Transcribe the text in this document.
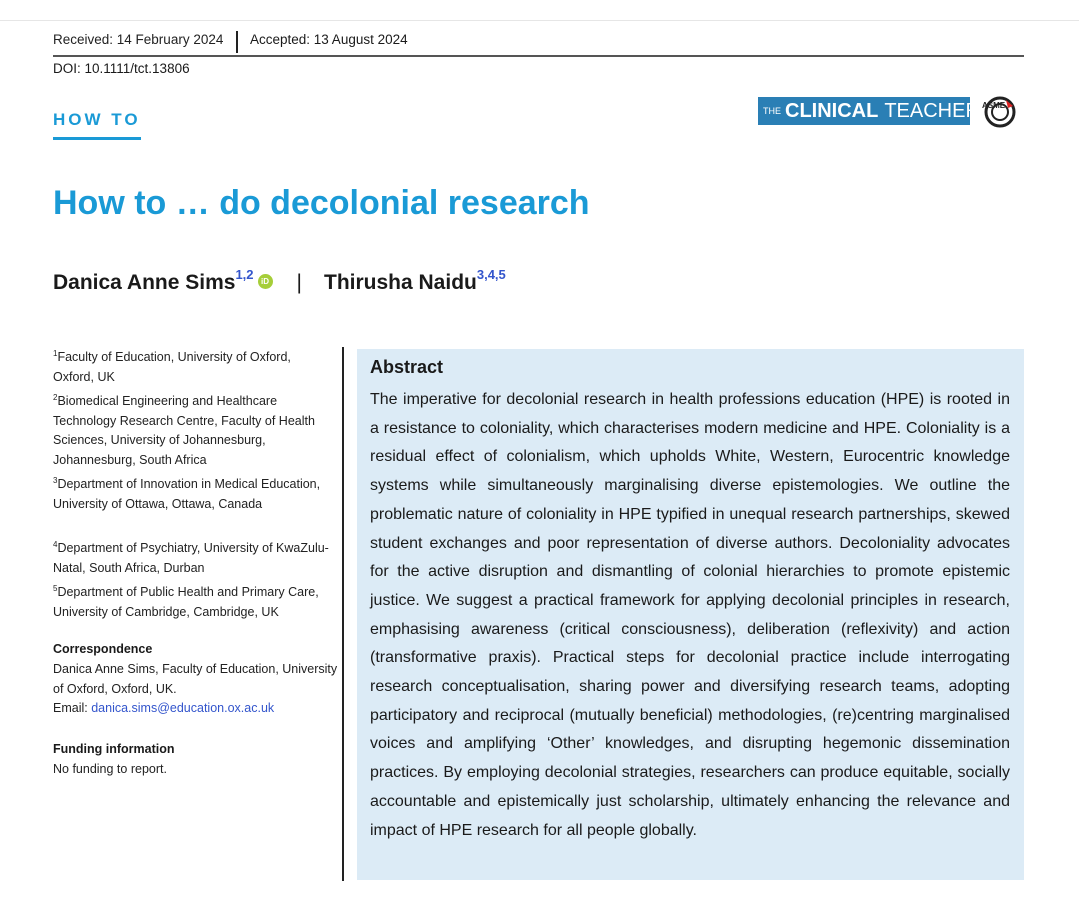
Received: 14 February 2024 Accepted: 13 August 2024
DOI: 10.1111/tct.13806
HOW TO	THE CLINICAL TEACHER ASME
How to … do decolonial research
Danica Anne Sims$^{1,2}$ iD | Thirusha Naidu$^{3,4,5}$
$^1$Faculty of Education, University of Oxford, Oxford, UK
$^2$Biomedical Engineering and Healthcare Technology Research Centre, Faculty of Health Sciences, University of Johannesburg, Johannesburg, South Africa
$^3$Department of Innovation in Medical Education, University of Ottawa, Ottawa, Canada
$^4$Department of Psychiatry, University of KwaZulu-Natal, South Africa, Durban
$^5$Department of Public Health and Primary Care, University of Cambridge, Cambridge, UK
Correspondence
Danica Anne Sims, Faculty of Education, University of Oxford, Oxford, UK.
Email: danica.sims@education.ox.ac.uk
Funding information
No funding to report.
Abstract
The imperative for decolonial research in health professions education (HPE) is rooted in a resistance to coloniality, which characterises modern medicine and HPE. Coloniality is a residual effect of colonialism, which upholds White, Western, Eurocentric knowledge systems while simultaneously marginalising diverse epistemologies. We outline the problematic nature of coloniality in HPE typified in unequal research partnerships, skewed student exchanges and poor representation of diverse authors. Decoloniality advocates for the active disruption and dismantling of colonial hierarchies to promote epistemic justice. We suggest a practical framework for applying decolonial principles in research, emphasising awareness (critical consciousness), deliberation (reflexivity) and action (transformative praxis). Practical steps for decolonial practice include interrogating research conceptualisation, sharing power and diversifying research teams, adopting participatory and reciprocal (mutually beneficial) methodologies, (re)centring marginalised voices and amplifying ‘Other’ knowledges, and disrupting hegemonic dissemination practices. By employing decolonial strategies, researchers can produce equitable, socially accountable and epistemically just scholarship, ultimately enhancing the relevance and impact of HPE research for all people globally.
